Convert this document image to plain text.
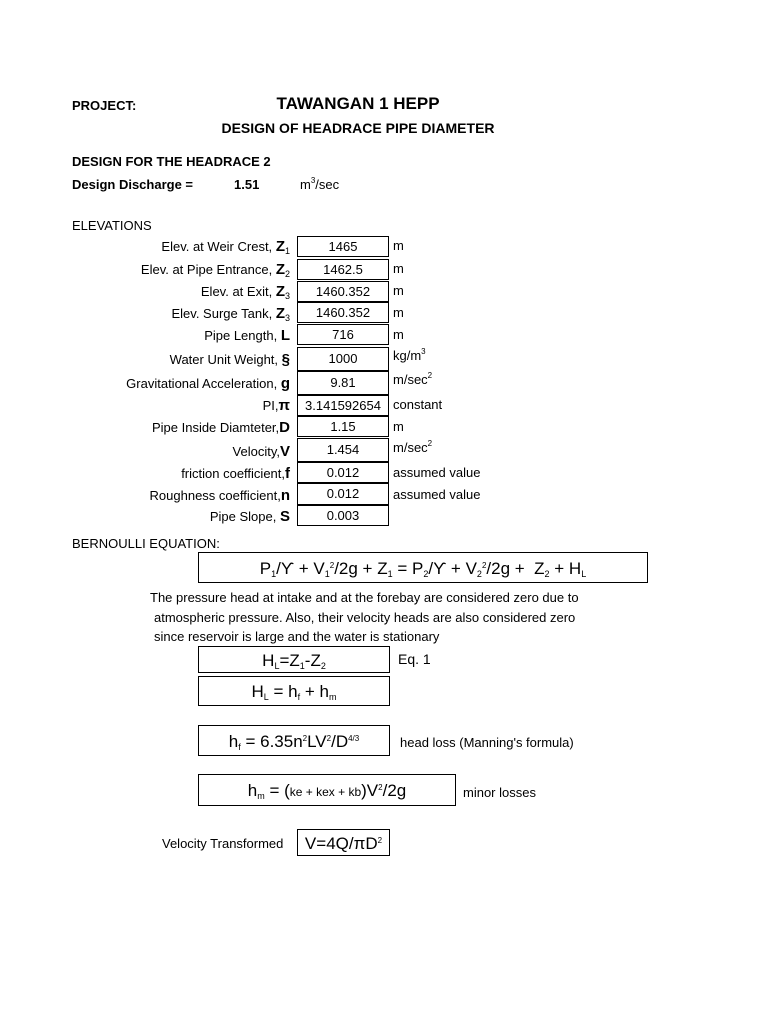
PROJECT:	TAWANGAN 1 HEPP
DESIGN OF HEADRACE PIPE DIAMETER
DESIGN FOR THE HEADRACE 2
Design Discharge =	1.51	$m^3/\sec$
ELEVATIONS
Elev. at Weir Crest, $Z_1$	1465	m
Elev. at Pipe Entrance, $Z_2$	1462.5	m
Elev. at Exit, $Z_3$	1460.352	m
Elev. Surge Tank, $Z_3$	1460.352	m
Pipe Length, L	716	m
Water Unit Weight, §	1000	$kg/m^3$
Gravitational Acceleration, g	9.81	$m/\sec^2$
PI,π	3.141592654 constant
Pipe Inside Diamteter,D	1.15	m
Velocity,V	1.454	$m/\sec^2$
friction coefficient,f	0.012	assumed value
Roughness coefficient,n	0.012	assumed value
Pipe Slope, S	0.003
BERNOULLI EQUATION:
$P_1/ϒ + V_1^2/2g + Z_1 = P_2/ϒ + V_2^2/2g + Z_2 + H_L$
The pressure head at intake and at the forebay are considered zero due to
atmospheric pressure. Also, their velocity heads are also considered zero
since reservoir is large and the water is stationary
$H_L=Z_1-Z_2$	Eq. 1
$H_L = h_f + h_m$
$h_f = 6.35n^2LV^2/D^{4/3}$	head loss (Manning's formula)
$h_m = (ke$ + kex + $kb)V^2/2g$	minor losses
Velocity Transformed	$V=4Q/\pi D^2$
